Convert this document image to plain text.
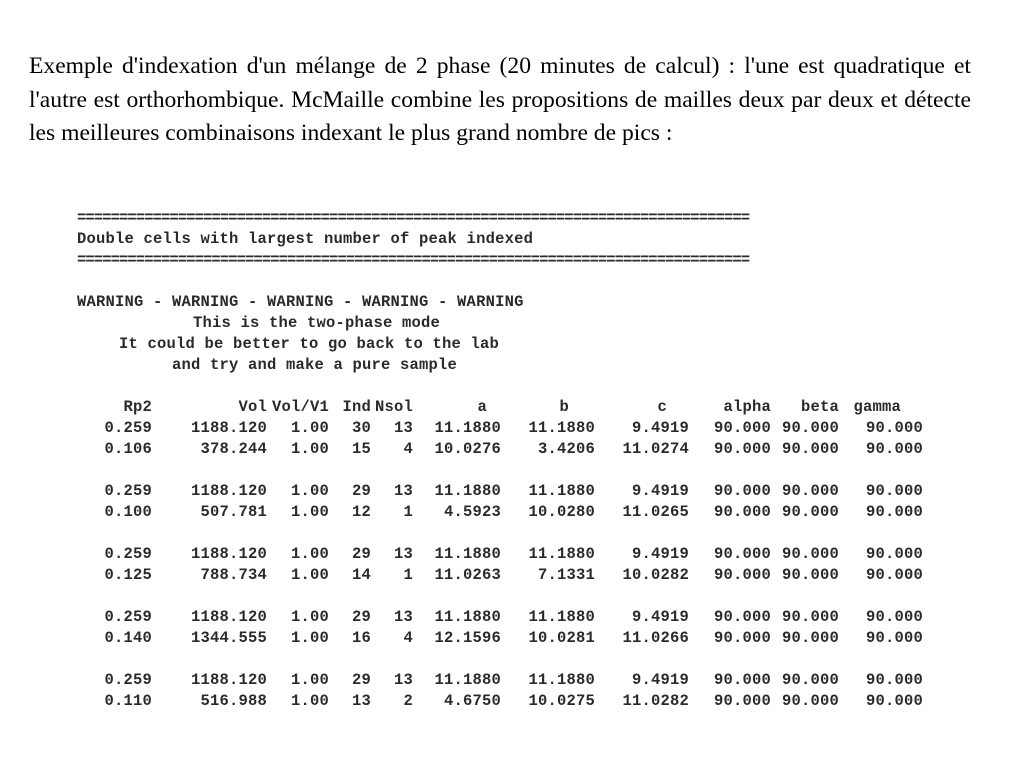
Exemple d'indexation d'un mélange de 2 phase (20 minutes de calcul) : l'une est quadratique et l'autre est orthorhombique. McMaille combine les propositions de mailles deux par deux et détecte les meilleures combinaisons indexant le plus grand nombre de pics :

================================================================================
Double cells with largest number of peak indexed
================================================================================
WARNING - WARNING - WARNING - WARNING - WARNING
This is the two-phase mode
It could be better to go back to the lab
and try and make a pure sample
Rp2	Vol Vol/V1 Ind Nsol	a	b	c	alpha	beta gamma
0.259	1188.120	1.00	30	13	11.1880	11.1880	9.4919	90.000 90.000	90.000
0.106	378.244	1.00	15	4	10.0276	3.4206	11.0274	90.000 90.000	90.000
0.259	1188.120	1.00	29	13	11.1880	11.1880	9.4919	90.000 90.000	90.000
0.100	507.781	1.00	12	1	4.5923	10.0280	11.0265	90.000 90.000	90.000
0.259	1188.120	1.00	29	13	11.1880	11.1880	9.4919	90.000 90.000	90.000
0.125	788.734	1.00	14	1	11.0263	7.1331	10.0282	90.000 90.000	90.000
0.259	1188.120	1.00	29	13	11.1880	11.1880	9.4919	90.000 90.000	90.000
0.140	1344.555	1.00	16	4	12.1596	10.0281	11.0266	90.000 90.000	90.000
0.259	1188.120	1.00	29	13	11.1880	11.1880	9.4919	90.000 90.000	90.000
0.110	516.988	1.00	13	2	4.6750	10.0275	11.0282	90.000 90.000	90.000
